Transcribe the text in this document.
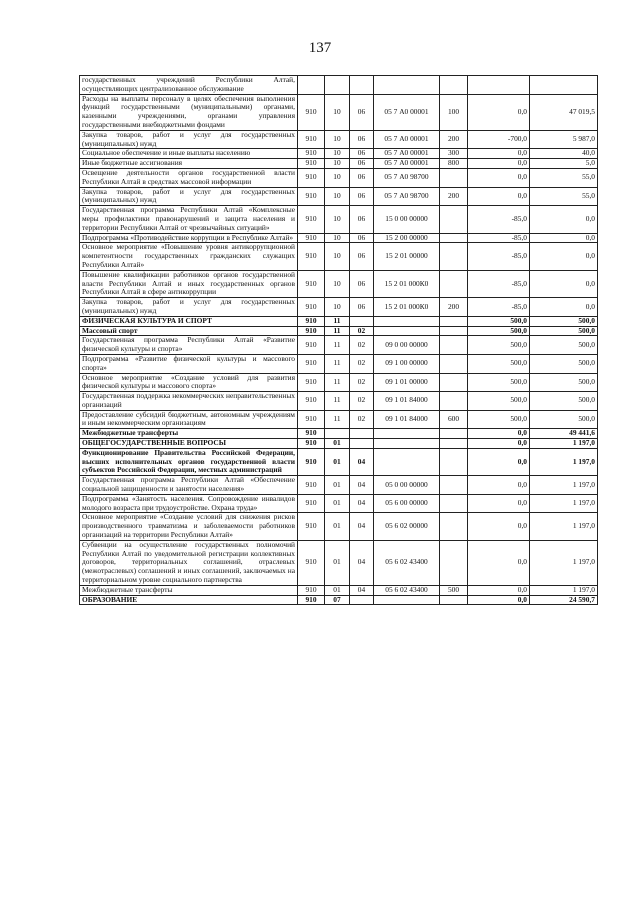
137
государственных учреждений Республики Алтай, осуществляющих централизованное обслуживание							
Расходы на выплаты персоналу в целях обеспечения выполнения функций государственными (муниципальными) органами, казенными учреждениями, органами управления государственными внебюджетными фондами	910	10	06	05 7 А0 00001	100	0,0	47 019,5
Закупка товаров, работ и услуг для государственных (муниципальных) нужд	910	10	06	05 7 А0 00001	200	-700,0	5 987,0
Социальное обеспечение и иные выплаты населению	910	10	06	05 7 А0 00001	300	0,0	40,0
Иные бюджетные ассигнования	910	10	06	05 7 А0 00001	800	0,0	5,0
Освещение деятельности органов государственной власти Республики Алтай в средствах массовой информации	910	10	06	05 7 А0 98700		0,0	55,0
Закупка товаров, работ и услуг для государственных (муниципальных) нужд	910	10	06	05 7 А0 98700	200	0,0	55,0
Государственная программа Республики Алтай «Комплексные меры профилактики правонарушений и защита населения и территории Республики Алтай от чрезвычайных ситуаций»	910	10	06	15 0 00 00000		-85,0	0,0
Подпрограмма «Противодействие коррупции в Республике Алтай»	910	10	06	15 2 00 00000		-85,0	0,0
Основное мероприятие «Повышение уровня антикоррупционной компетентности государственных гражданских служащих Республики Алтай»	910	10	06	15 2 01 00000		-85,0	0,0
Повышение квалификации работников органов государственной власти Республики Алтай и иных государственных органов Республики Алтай в сфере антикоррупции	910	10	06	15 2 01 000К0		-85,0	0,0
Закупка товаров, работ и услуг для государственных (муниципальных) нужд	910	10	06	15 2 01 000К0	200	-85,0	0,0
ФИЗИЧЕСКАЯ КУЛЬТУРА И СПОРТ	910	11				500,0	500,0
Массовый спорт	910	11	02			500,0	500,0
Государственная программа Республики Алтай «Развитие физической культуры и спорта»	910	11	02	09 0 00 00000		500,0	500,0
Подпрограмма «Развитие физической культуры и массового спорта»	910	11	02	09 1 00 00000		500,0	500,0
Основное мероприятие «Создание условий для развития физической культуры и массового спорта»	910	11	02	09 1 01 00000		500,0	500,0
Государственная поддержка некоммерческих неправительственных организаций	910	11	02	09 1 01 84000		500,0	500,0
Предоставление субсидий бюджетным, автономным учреждениям и иным некоммерческим организациям	910	11	02	09 1 01 84000	600	500,0	500,0
Межбюджетные трансферты	910					0,0	49 441,6
ОБЩЕГОСУДАРСТВЕННЫЕ ВОПРОСЫ	910	01				0,0	1 197,0
Функционирование Правительства Российской Федерации, высших исполнительных органов государственной власти субъектов Российской Федерации, местных администраций	910	01	04			0,0	1 197,0
Государственная программа Республики Алтай «Обеспечение социальной защищенности и занятости населения»	910	01	04	05 0 00 00000		0,0	1 197,0
Подпрограмма «Занятость населения. Сопровождение инвалидов молодого возраста при трудоустройстве. Охрана труда»	910	01	04	05 6 00 00000		0,0	1 197,0
Основное мероприятие «Создание условий для снижения рисков производственного травматизма и заболеваемости работников организаций на территории Республики Алтай»	910	01	04	05 6 02 00000		0,0	1 197,0
Субвенции на осуществление государственных полномочий Республики Алтай по уведомительной регистрации коллективных договоров, территориальных соглашений, отраслевых (межотраслевых) соглашений и иных соглашений, заключаемых на территориальном уровне социального партнерства	910	01	04	05 6 02 43400		0,0	1 197,0
Межбюджетные трансферты	910	01	04	05 6 02 43400	500	0,0	1 197,0
ОБРАЗОВАНИЕ	910	07				0,0	24 590,7
